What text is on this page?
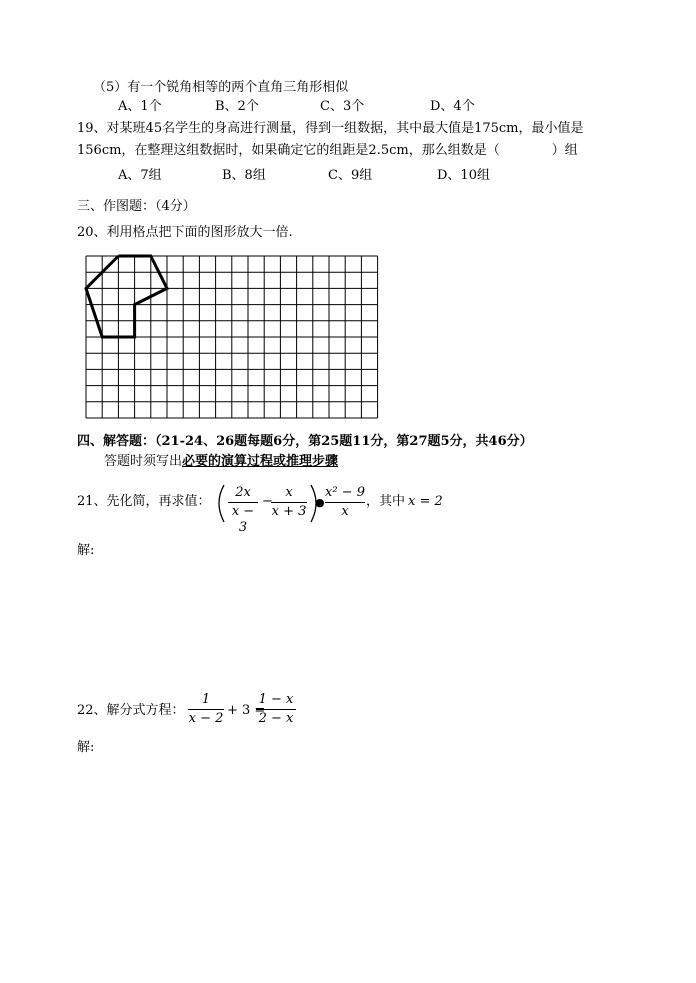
（5）有一个锐角相等的两个直角三角形相似
A、1个	B、2个	C、3个	D、4个
19、对某班45名学生的身高进行测量，得到一组数据，其中最大值是175cm，最小值是
156cm，在整理这组数据时，如果确定它的组距是2.5cm，那么组数是（　　　　）组
A、7组	B、8组	C、9组	D、10组
三、作图题：（4分）
20、利用格点把下面的图形放大一倍.
四、解答题：（21-24、26题每题6分，第25题11分，第27题5分，共46分）
答题时须写出必要的演算过程或推理步骤
21、先化简，再求值：
2x
x − 3
−
x
x + 3
●
x² − 9
x
，其中 x = 2
解:
22、解分式方程：
1
x − 2
+ 3 =
1 − x
2 − x
解:
